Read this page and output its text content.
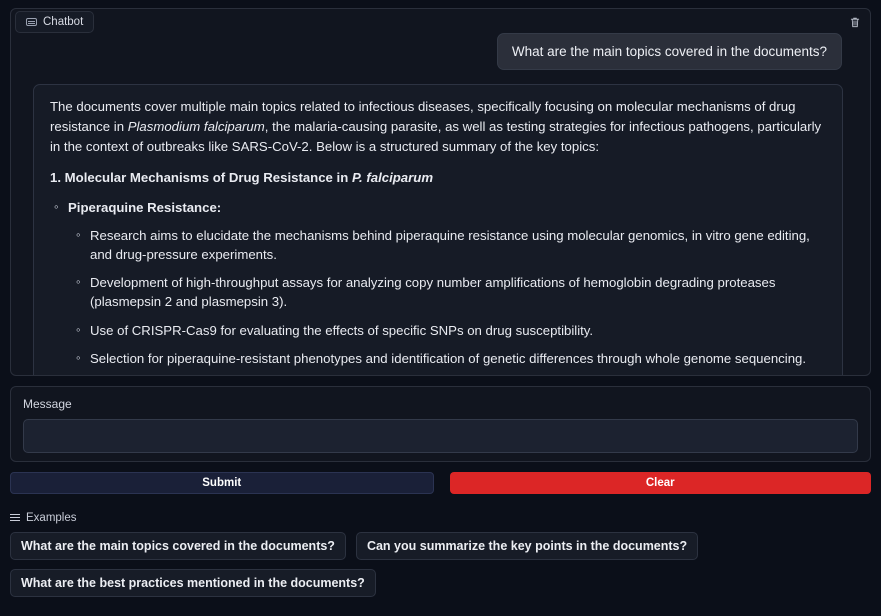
Chatbot
What are the main topics covered in the documents?

The documents cover multiple main topics related to infectious diseases, specifically focusing on molecular mechanisms of drug resistance in Plasmodium falciparum, the malaria-causing parasite, as well as testing strategies for infectious pathogens, particularly in the context of outbreaks like SARS-CoV-2. Below is a structured summary of the key topics:

1. Molecular Mechanisms of Drug Resistance in P. falciparum

◦ Piperaquine Resistance:
◦ Research aims to elucidate the mechanisms behind piperaquine resistance using molecular genomics, in vitro gene editing, and drug-pressure experiments.
◦ Development of high-throughput assays for analyzing copy number amplifications of hemoglobin degrading proteases (plasmepsin 2 and plasmepsin 3).
◦ Use of CRISPR-Cas9 for evaluating the effects of specific SNPs on drug susceptibility.
◦ Selection for piperaquine-resistant phenotypes and identification of genetic differences through whole genome sequencing.
Message
Submit	Clear
Examples
What are the main topics covered in the documents?	Can you summarize the key points in the documents?
What are the best practices mentioned in the documents?
